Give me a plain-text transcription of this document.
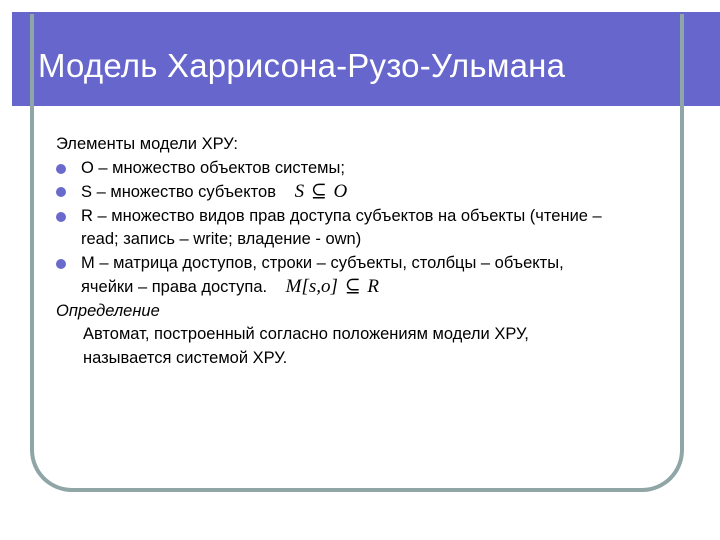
Модель Харрисона-Рузо-Ульмана
Элементы модели ХРУ:
O – множество объектов системы;
S – множество субъектов S ⊆ O
R – множество видов прав доступа субъектов на объекты (чтение –
read; запись – write; владение - own)
M – матрица доступов, строки – субъекты, столбцы – объекты,
ячейки – права доступа. M[s,o] ⊆ R
Определение
Автомат, построенный согласно положениям модели ХРУ,
называется системой ХРУ.
